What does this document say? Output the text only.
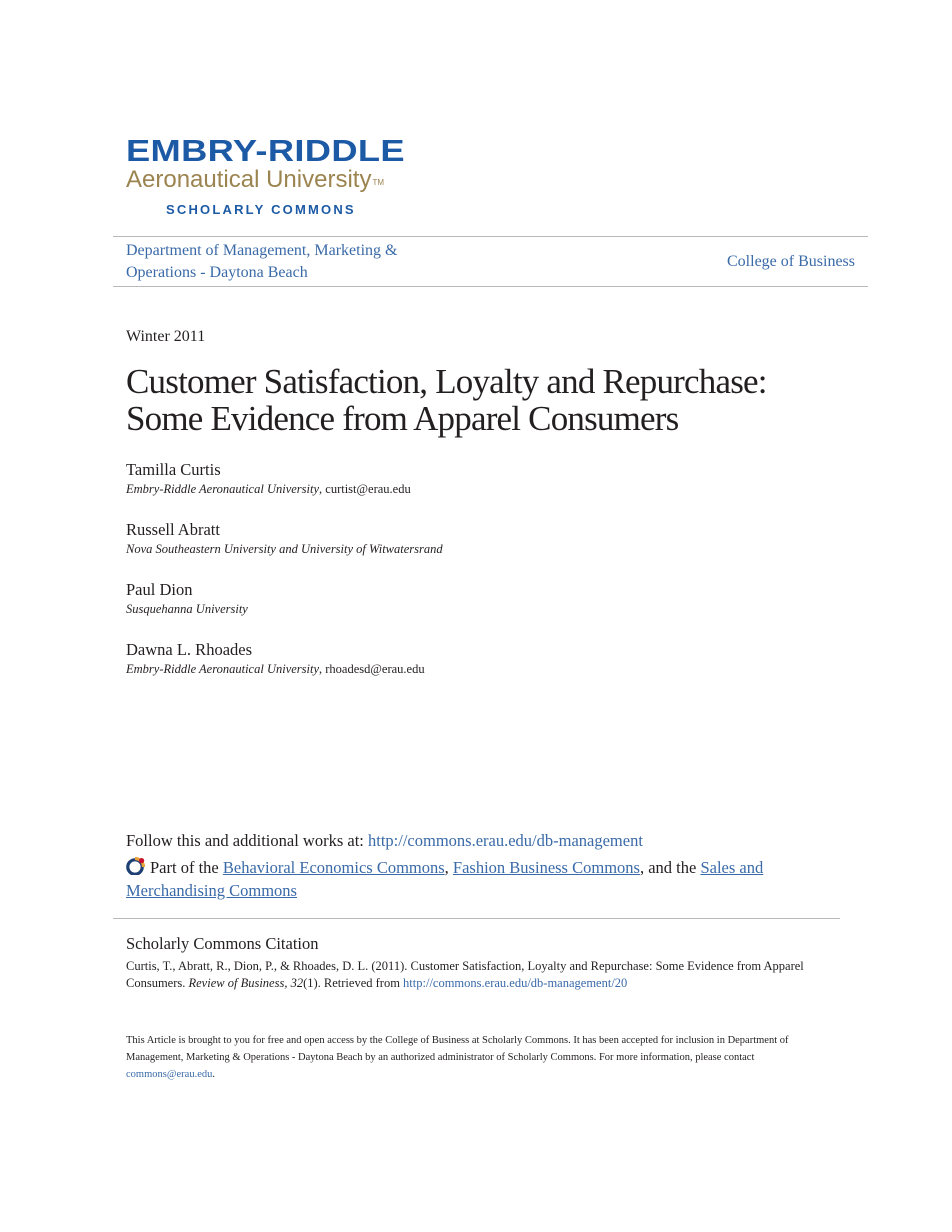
EMBRY-RIDDLE
Aeronautical UniversityTM
SCHOLARLY COMMONS
Department of Management, Marketing & Operations - Daytona Beach
College of Business
Winter 2011
Customer Satisfaction, Loyalty and Repurchase: Some Evidence from Apparel Consumers
Tamilla Curtis
Embry-Riddle Aeronautical University, curtist@erau.edu
Russell Abratt
Nova Southeastern University and University of Witwatersrand
Paul Dion
Susquehanna University
Dawna L. Rhoades
Embry-Riddle Aeronautical University, rhoadesd@erau.edu
Follow this and additional works at: http://commons.erau.edu/db-management
Part of the Behavioral Economics Commons, Fashion Business Commons, and the Sales and Merchandising Commons
Scholarly Commons Citation
Curtis, T., Abratt, R., Dion, P., & Rhoades, D. L. (2011). Customer Satisfaction, Loyalty and Repurchase: Some Evidence from Apparel Consumers. Review of Business, 32(1). Retrieved from http://commons.erau.edu/db-management/20
This Article is brought to you for free and open access by the College of Business at Scholarly Commons. It has been accepted for inclusion in Department of Management, Marketing & Operations - Daytona Beach by an authorized administrator of Scholarly Commons. For more information, please contact commons@erau.edu.
